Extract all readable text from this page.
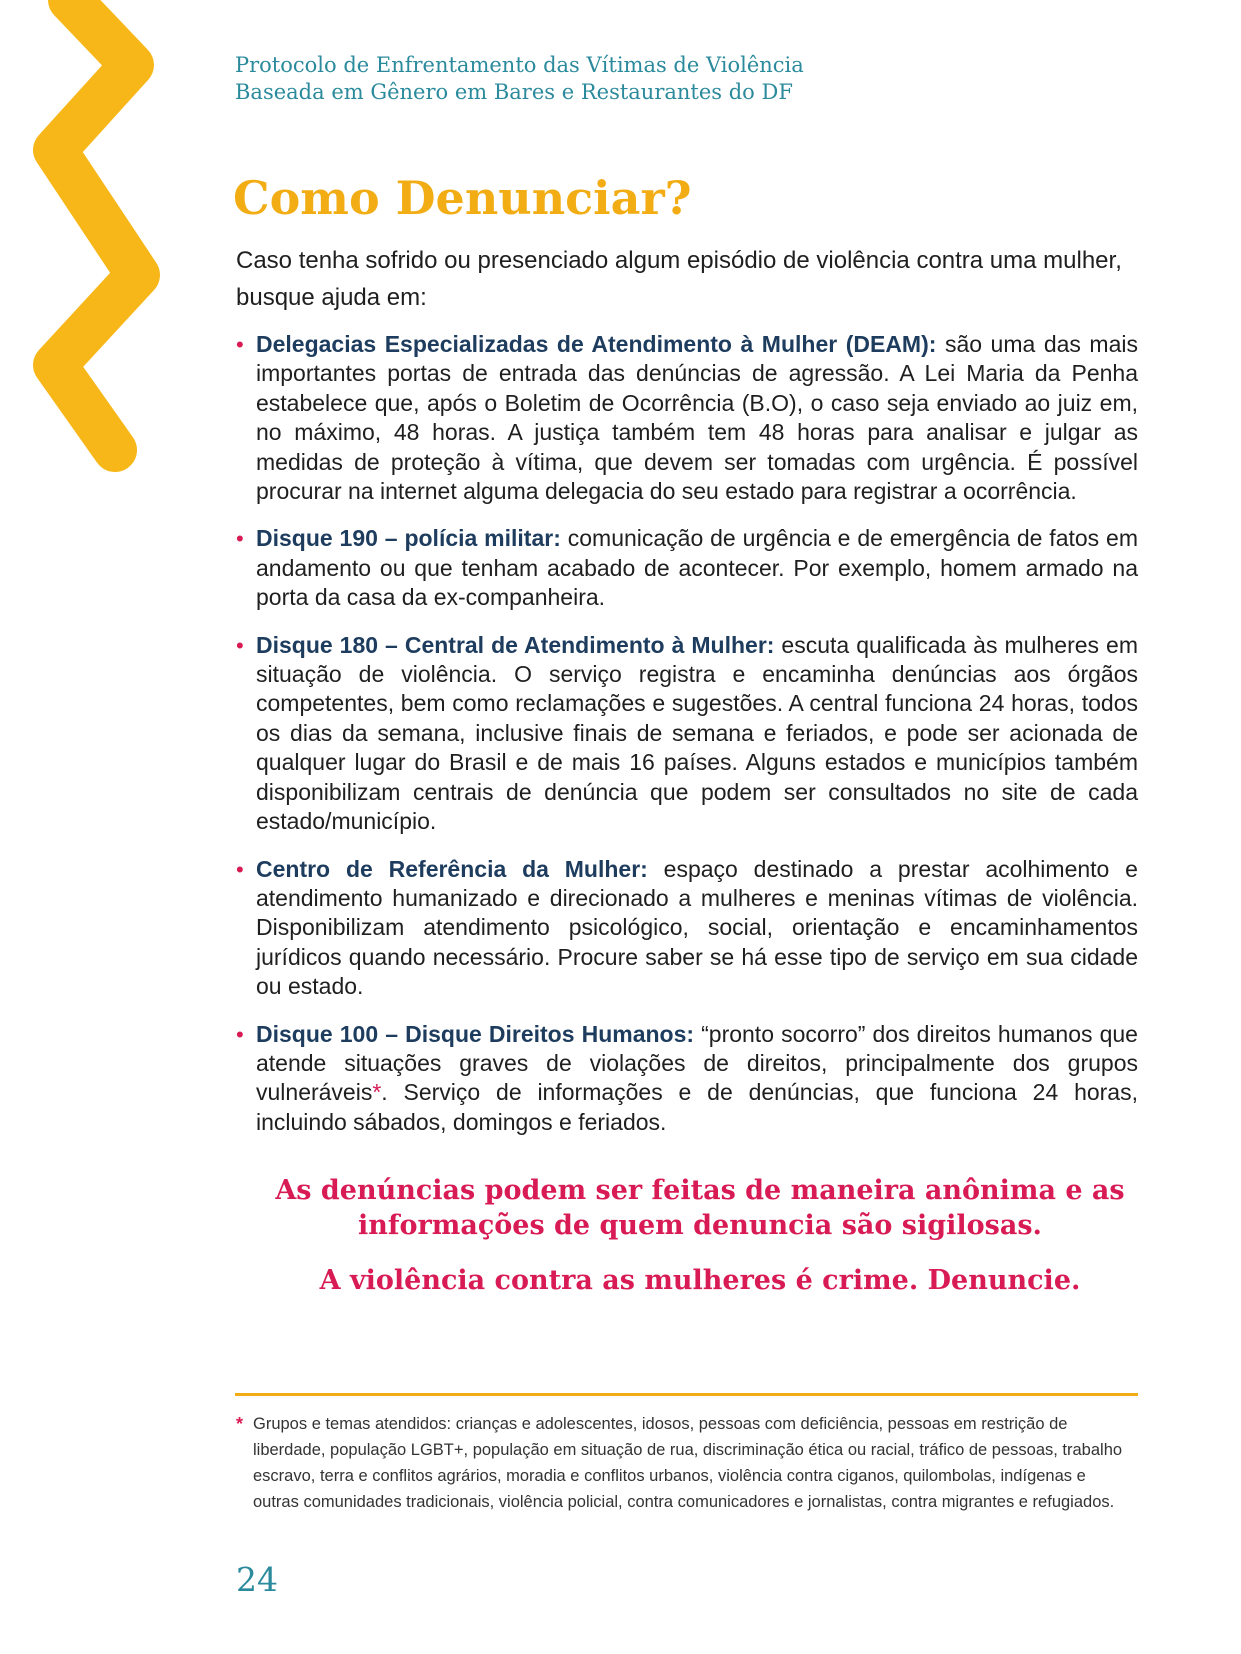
Protocolo de Enfrentamento das Vítimas de Violência
Baseada em Gênero em Bares e Restaurantes do DF
Como Denunciar?

Caso tenha sofrido ou presenciado algum episódio de violência contra uma mulher, busque ajuda em:

• Delegacias Especializadas de Atendimento à Mulher (DEAM): são uma das mais importantes portas de entrada das denúncias de agressão. A Lei Maria da Penha estabelece que, após o Boletim de Ocorrência (B.O), o caso seja enviado ao juiz em, no máximo, 48 horas. A justiça também tem 48 horas para analisar e julgar as medidas de proteção à vítima, que devem ser tomadas com urgência. É possível procurar na internet alguma delegacia do seu estado para registrar a ocorrência.
• Disque 190 – polícia militar: comunicação de urgência e de emergência de fatos em andamento ou que tenham acabado de acontecer. Por exemplo, homem armado na porta da casa da ex-companheira.
• Disque 180 – Central de Atendimento à Mulher: escuta qualificada às mulheres em situação de violência. O serviço registra e encaminha denúncias aos órgãos competentes, bem como reclamações e sugestões. A central funciona 24 horas, todos os dias da semana, inclusive finais de semana e feriados, e pode ser acionada de qualquer lugar do Brasil e de mais 16 países. Alguns estados e municípios também disponibilizam centrais de denúncia que podem ser consultados no site de cada estado/município.
• Centro de Referência da Mulher: espaço destinado a prestar acolhimento e atendimento humanizado e direcionado a mulheres e meninas vítimas de violência. Disponibilizam atendimento psicológico, social, orientação e encaminhamentos jurídicos quando necessário. Procure saber se há esse tipo de serviço em sua cidade ou estado.
• Disque 100 – Disque Direitos Humanos: “pronto socorro” dos direitos humanos que atende situações graves de violações de direitos, principalmente dos grupos vulneráveis*. Serviço de informações e de denúncias, que funciona 24 horas, incluindo sábados, domingos e feriados.

As denúncias podem ser feitas de maneira anônima e as informações de quem denuncia são sigilosas.

A violência contra as mulheres é crime. Denuncie.

* Grupos e temas atendidos: crianças e adolescentes, idosos, pessoas com deficiência, pessoas em restrição de liberdade, população LGBT+, população em situação de rua, discriminação ética ou racial, tráfico de pessoas, trabalho escravo, terra e conflitos agrários, moradia e conflitos urbanos, violência contra ciganos, quilombolas, indígenas e outras comunidades tradicionais, violência policial, contra comunicadores e jornalistas, contra migrantes e refugiados.
24
